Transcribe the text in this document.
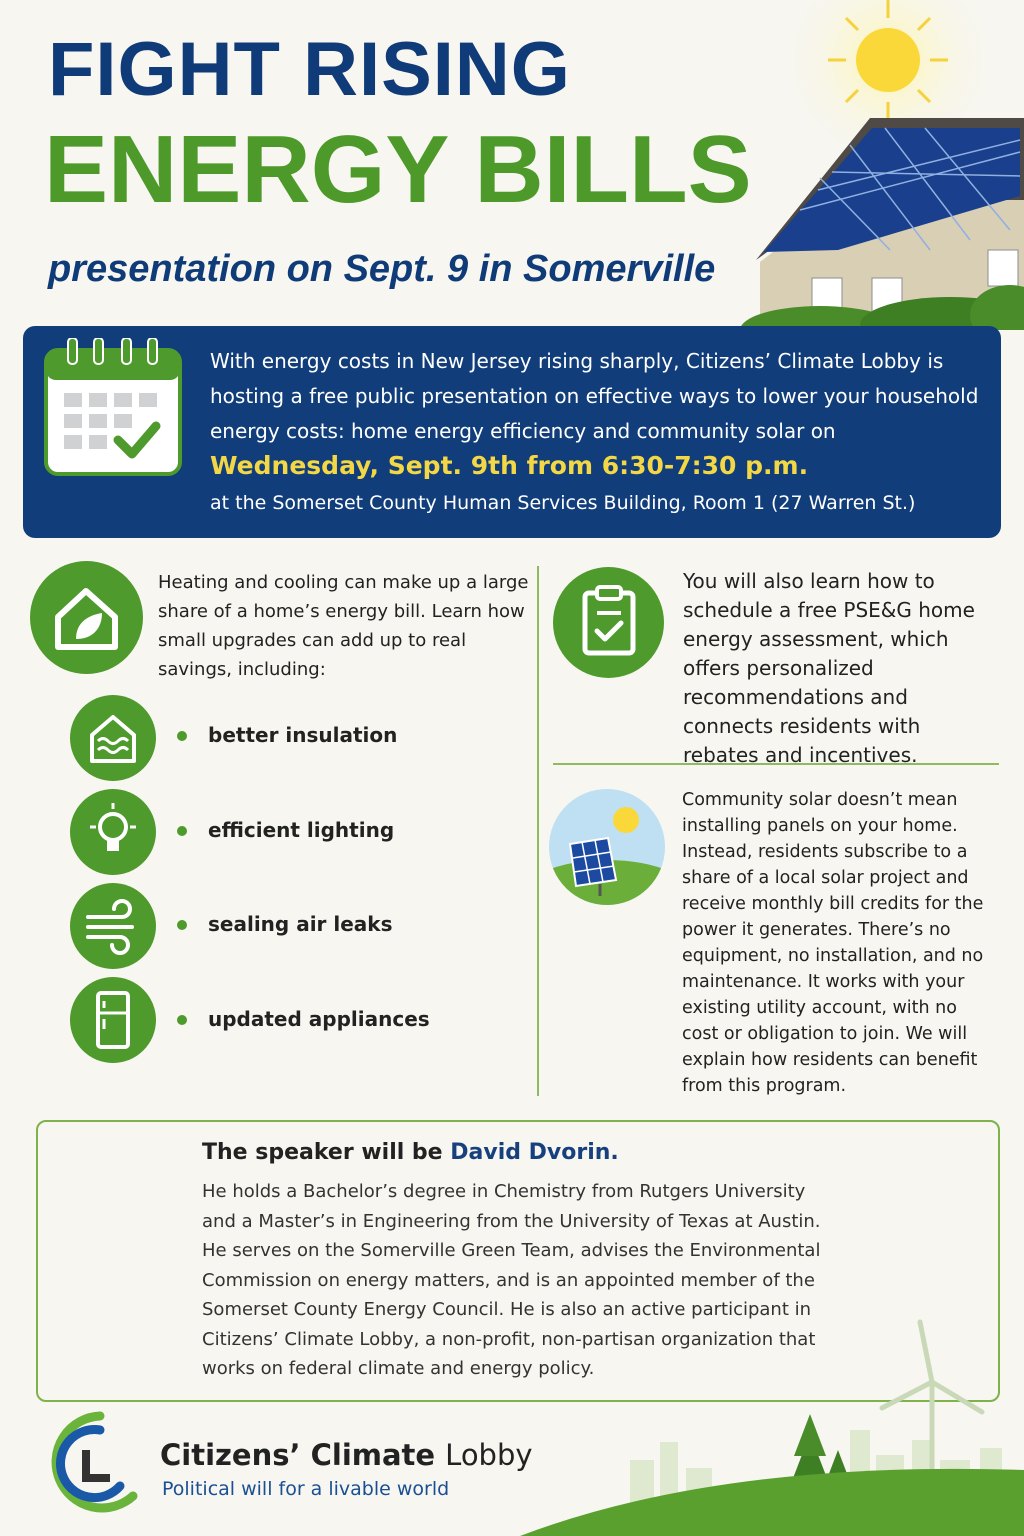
FIGHT RISING
ENERGY BILLS
presentation on Sept. 9 in Somerville
With energy costs in New Jersey rising sharply, Citizens’ Climate Lobby is hosting a free public presentation on effective ways to lower your household energy costs: home energy efficiency and community solar on
Wednesday, Sept. 9th from 6:30-7:30 p.m.
at the Somerset County Human Services Building, Room 1 (27 Warren St.)
Heating and cooling can make up a large share of a home’s energy bill. Learn how small upgrades can add up to real savings, including:
better insulation
efficient lighting
sealing air leaks
updated appliances
You will also learn how to schedule a free PSE&G home energy assessment, which offers personalized recommendations and connects residents with rebates and incentives.
Community solar doesn’t mean installing panels on your home. Instead, residents subscribe to a share of a local solar project and receive monthly bill credits for the power it generates. There’s no equipment, no installation, and no maintenance. It works with your existing utility account, with no cost or obligation to join. We will explain how residents can benefit from this program.
The speaker will be David Dvorin.
He holds a Bachelor’s degree in Chemistry from Rutgers University and a Master’s in Engineering from the University of Texas at Austin. He serves on the Somerville Green Team, advises the Environmental Commission on energy matters, and is an appointed member of the Somerset County Energy Council. He is also an active participant in Citizens’ Climate Lobby, a non-profit, non-partisan organization that works on federal climate and energy policy.
Citizens’ Climate Lobby
Political will for a livable world
